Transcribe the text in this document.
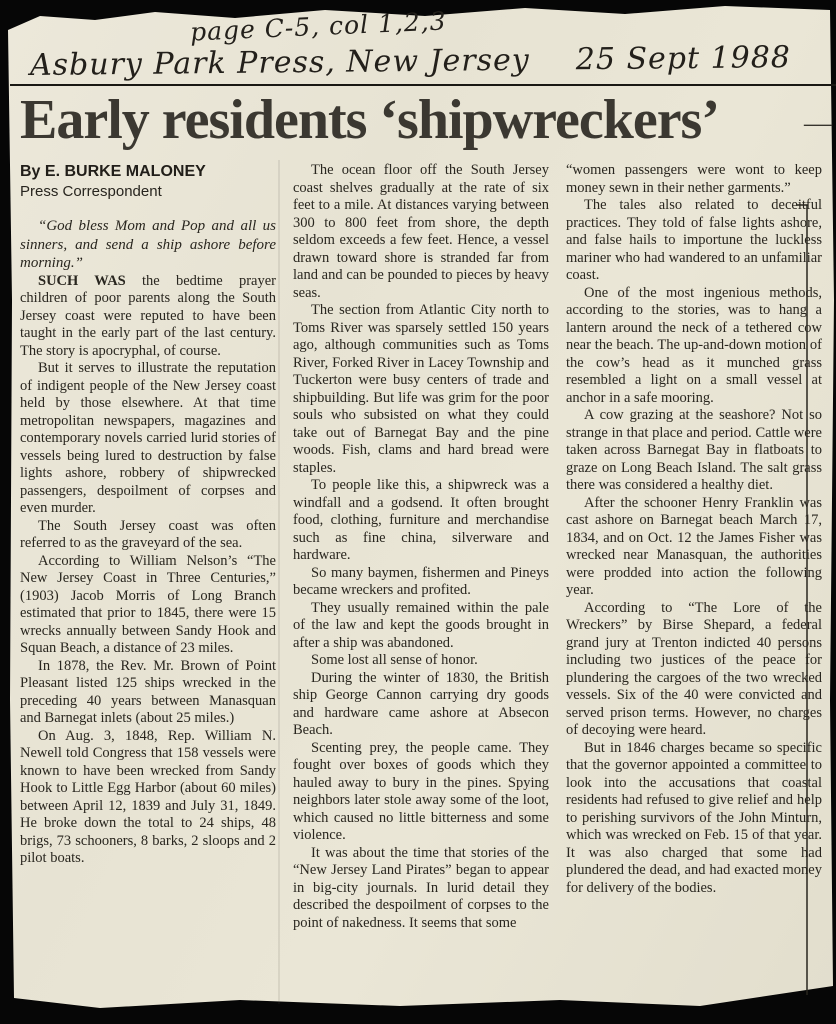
page C-5, col 1,2,3
Asbury Park Press, New Jersey 25 Sept 1988
Early residents ‘shipwreckers’	—
By E. BURKE MALONEY
Press Correspondent

“God bless Mom and Pop and all us sinners, and send a ship ashore before morning.”

SUCH WAS the bedtime prayer children of poor parents along the South Jersey coast were reputed to have been taught in the early part of the last century. The story is apocryphal, of course.

But it serves to illustrate the reputation of indigent people of the New Jersey coast held by those elsewhere. At that time metropolitan newspapers, magazines and contemporary novels carried lurid stories of vessels being lured to destruction by false lights ashore, robbery of shipwrecked passengers, despoilment of corpses and even murder.

The South Jersey coast was often referred to as the graveyard of the sea.

According to William Nelson’s “The New Jersey Coast in Three Centuries,” (1903) Jacob Morris of Long Branch estimated that prior to 1845, there were 15 wrecks annually between Sandy Hook and Squan Beach, a distance of 23 miles.

In 1878, the Rev. Mr. Brown of Point Pleasant listed 125 ships wrecked in the preceding 40 years between Manasquan and Barnegat inlets (about 25 miles.)

On Aug. 3, 1848, Rep. William N. Newell told Congress that 158 vessels were known to have been wrecked from Sandy Hook to Little Egg Harbor (about 60 miles) between April 12, 1839 and July 31, 1849. He broke down the total to 24 ships, 48 brigs, 73 schooners, 8 barks, 2 sloops and 2 pilot boats.

The ocean floor off the South Jersey coast shelves gradually at the rate of six feet to a mile. At distances varying between 300 to 800 feet from shore, the depth seldom exceeds a few feet. Hence, a vessel drawn toward shore is stranded far from land and can be pounded to pieces by heavy seas.

The section from Atlantic City north to Toms River was sparsely settled 150 years ago, although communities such as Toms River, Forked River in Lacey Township and Tuckerton were busy centers of trade and shipbuilding. But life was grim for the poor souls who subsisted on what they could take out of Barnegat Bay and the pine woods. Fish, clams and hard bread were staples.

To people like this, a shipwreck was a windfall and a godsend. It often brought food, clothing, furniture and merchandise such as fine china, silverware and hardware.

So many baymen, fishermen and Pineys became wreckers and profited.

They usually remained within the pale of the law and kept the goods brought in after a ship was abandoned.

Some lost all sense of honor.

During the winter of 1830, the British ship George Cannon carrying dry goods and hardware came ashore at Absecon Beach.

Scenting prey, the people came. They fought over boxes of goods which they hauled away to bury in the pines. Spying neighbors later stole away some of the loot, which caused no little bitterness and some violence.

It was about the time that stories of the “New Jersey Land Pirates” began to appear in big-city journals. In lurid detail they described the despoilment of corpses to the point of nakedness. It seems that some

“women passengers were wont to keep money sewn in their nether garments.”

The tales also related to deceitful practices. They told of false lights ashore, and false hails to importune the luckless mariner who had wandered to an unfamiliar coast.

One of the most ingenious methods, according to the stories, was to hang a lantern around the neck of a tethered cow near the beach. The up-and-down motion of the cow’s head as it munched grass resembled a light on a small vessel at anchor in a safe mooring.

A cow grazing at the seashore? Not so strange in that place and period. Cattle were taken across Barnegat Bay in flatboats to graze on Long Beach Island. The salt grass there was considered a healthy diet.

After the schooner Henry Franklin was cast ashore on Barnegat beach March 17, 1834, and on Oct. 12 the James Fisher was wrecked near Manasquan, the authorities were prodded into action the following year.

According to “The Lore of the Wreckers” by Birse Shepard, a federal grand jury at Trenton indicted 40 persons including two justices of the peace for plundering the cargoes of the two wrecked vessels. Six of the 40 were convicted and served prison terms. However, no charges of decoying were heard.

But in 1846 charges became so specific that the governor appointed a committee to look into the accusations that coastal residents had refused to give relief and help to perishing survivors of the John Minturn, which was wrecked on Feb. 15 of that year. It was also charged that some had plundered the dead, and had exacted money for delivery of the bodies.
